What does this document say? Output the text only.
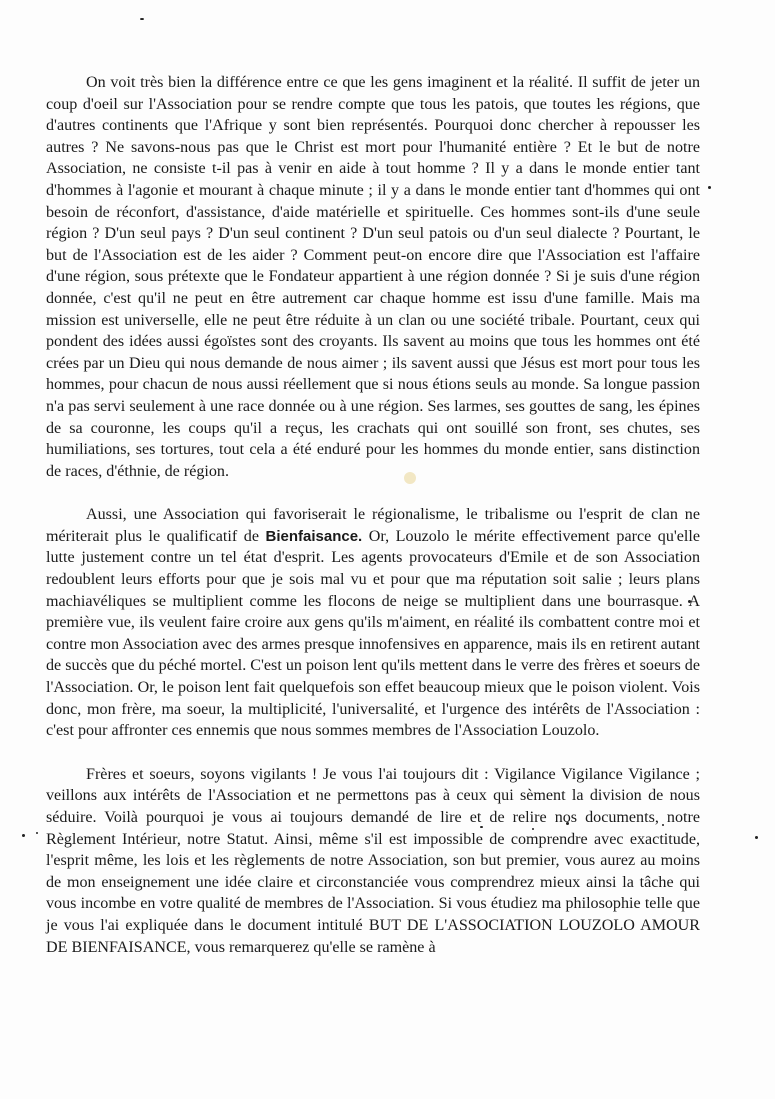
On voit très bien la différence entre ce que les gens imaginent et la réalité. Il suffit de jeter un coup d'oeil sur l'Association pour se rendre compte que tous les patois, que toutes les régions, que d'autres continents que l'Afrique y sont bien représentés. Pourquoi donc chercher à repousser les autres ? Ne savons-nous pas que le Christ est mort pour l'humanité entière ? Et le but de notre Association, ne consiste t-il pas à venir en aide à tout homme ? Il y a dans le monde entier tant d'hommes à l'agonie et mourant à chaque minute ; il y a dans le monde entier tant d'hommes qui ont besoin de réconfort, d'assistance, d'aide matérielle et spirituelle. Ces hommes sont-ils d'une seule région ? D'un seul pays ? D'un seul continent ? D'un seul patois ou d'un seul dialecte ? Pourtant, le but de l'Association est de les aider ? Comment peut-on encore dire que l'Association est l'affaire d'une région, sous prétexte que le Fondateur appartient à une région donnée ? Si je suis d'une région donnée, c'est qu'il ne peut en être autrement car chaque homme est issu d'une famille. Mais ma mission est universelle, elle ne peut être réduite à un clan ou une société tribale. Pourtant, ceux qui pondent des idées aussi égoïstes sont des croyants. Ils savent au moins que tous les hommes ont été crées par un Dieu qui nous demande de nous aimer ; ils savent aussi que Jésus est mort pour tous les hommes, pour chacun de nous aussi réellement que si nous étions seuls au monde. Sa longue passion n'a pas servi seulement à une race donnée ou à une région. Ses larmes, ses gouttes de sang, les épines de sa couronne, les coups qu'il a reçus, les crachats qui ont souillé son front, ses chutes, ses humiliations, ses tortures, tout cela a été enduré pour les hommes du monde entier, sans distinction de races, d'éthnie, de région.

Aussi, une Association qui favoriserait le régionalisme, le tribalisme ou l'esprit de clan ne mériterait plus le qualificatif de Bienfaisance. Or, Louzolo le mérite effectivement parce qu'elle lutte justement contre un tel état d'esprit. Les agents provocateurs d'Emile et de son Association redoublent leurs efforts pour que je sois mal vu et pour que ma réputation soit salie ; leurs plans machiavéliques se multiplient comme les flocons de neige se multiplient dans une bourrasque. A première vue, ils veulent faire croire aux gens qu'ils m'aiment, en réalité ils combattent contre moi et contre mon Association avec des armes presque innofensives en apparence, mais ils en retirent autant de succès que du péché mortel. C'est un poison lent qu'ils mettent dans le verre des frères et soeurs de l'Association. Or, le poison lent fait quelquefois son effet beaucoup mieux que le poison violent. Vois donc, mon frère, ma soeur, la multiplicité, l'universalité, et l'urgence des intérêts de l'Association : c'est pour affronter ces ennemis que nous sommes membres de l'Association Louzolo.

Frères et soeurs, soyons vigilants ! Je vous l'ai toujours dit : Vigilance Vigilance Vigilance ; veillons aux intérêts de l'Association et ne permettons pas à ceux qui sèment la division de nous séduire. Voilà pourquoi je vous ai toujours demandé de lire et de relire nos documents, notre Règlement Intérieur, notre Statut. Ainsi, même s'il est impossible de comprendre avec exactitude, l'esprit même, les lois et les règlements de notre Association, son but premier, vous aurez au moins de mon enseignement une idée claire et circonstanciée vous comprendrez mieux ainsi la tâche qui vous incombe en votre qualité de membres de l'Association. Si vous étudiez ma philosophie telle que je vous l'ai expliquée dans le document intitulé BUT DE L'ASSOCIATION LOUZOLO AMOUR DE BIENFAISANCE, vous remarquerez qu'elle se ramène à
